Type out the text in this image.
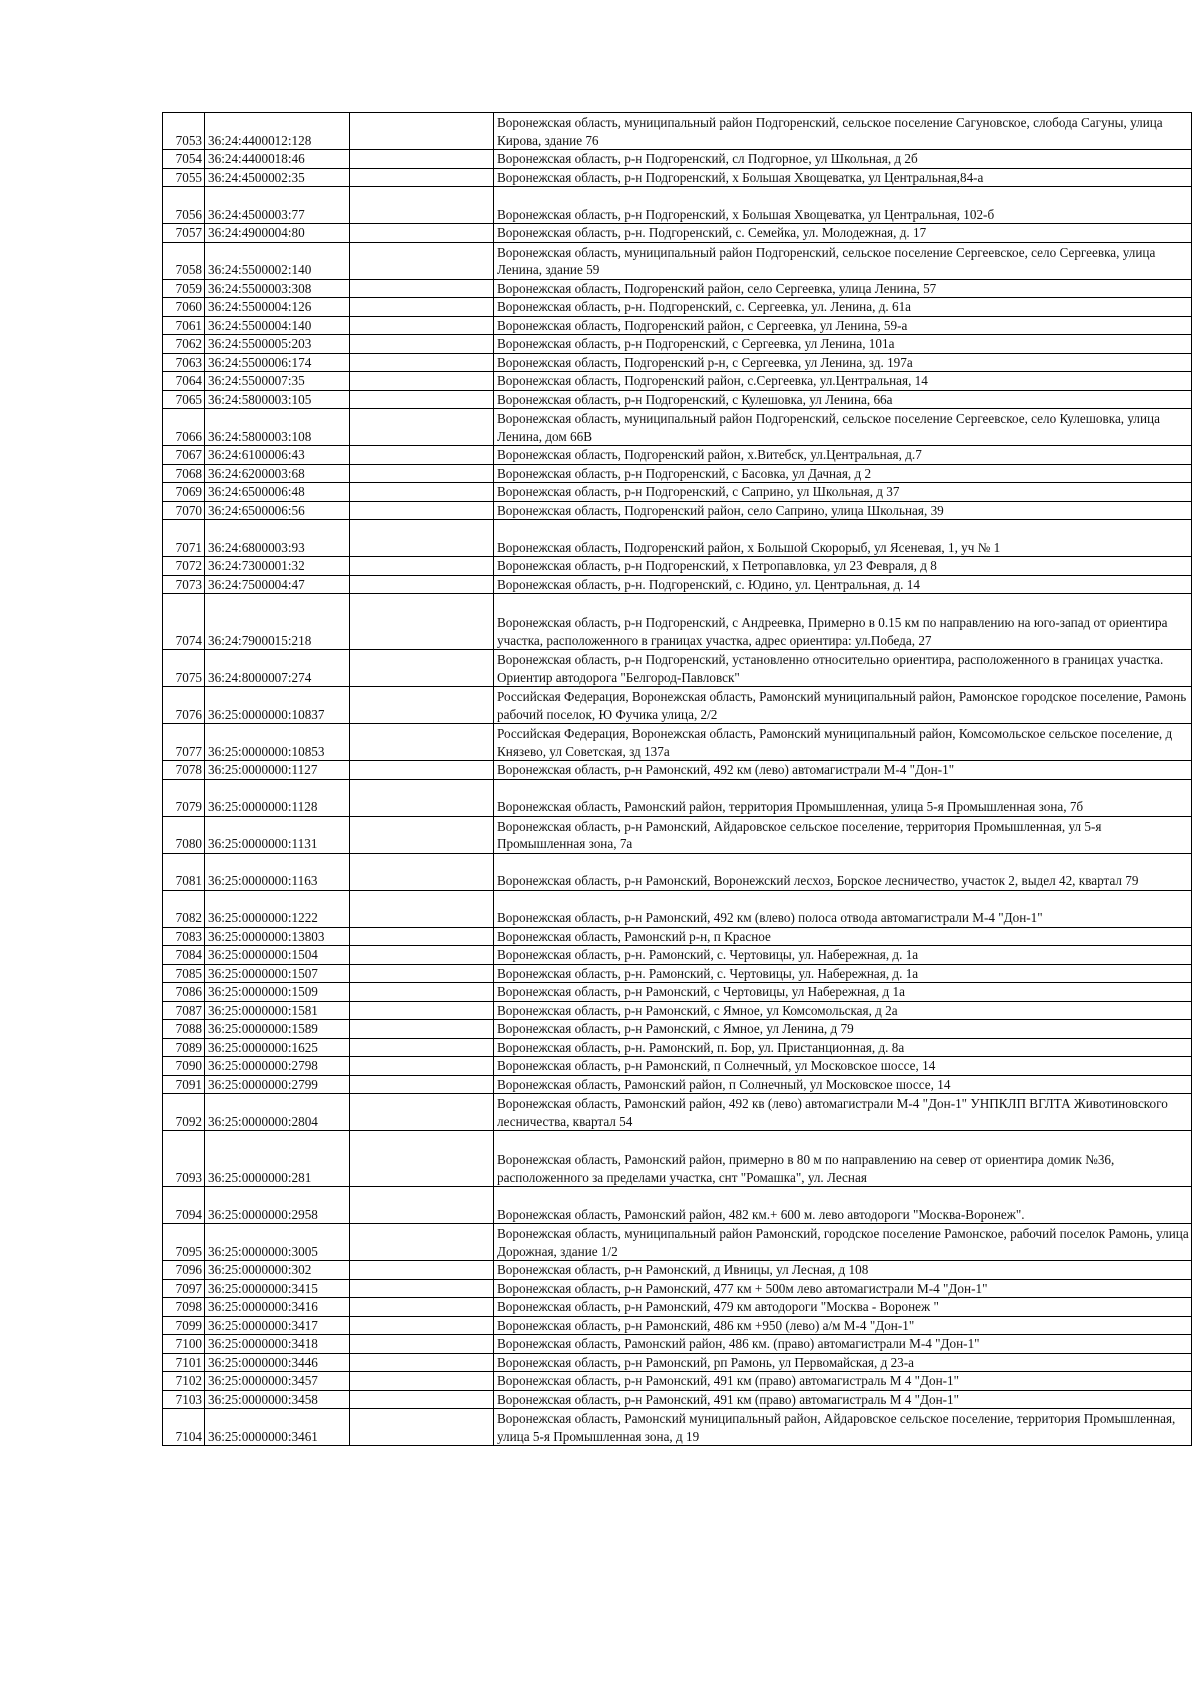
7053	36:24:4400012:128		Воронежская область, муниципальный район Подгоренский, сельское поселение Сагуновское, слобода Сагуны, улица Кирова, здание 76
7054	36:24:4400018:46		Воронежская область, р-н Подгоренский, сл Подгорное, ул Школьная, д 2б
7055	36:24:4500002:35		Воронежская область, р-н Подгоренский, х Большая Хвощеватка, ул Центральная,84-а
7056	36:24:4500003:77		Воронежская область, р-н Подгоренский, х Большая Хвощеватка, ул Центральная, 102-б
7057	36:24:4900004:80		Воронежская область, р-н. Подгоренский, с. Семейка, ул. Молодежная, д. 17
7058	36:24:5500002:140		Воронежская область, муниципальный район Подгоренский, сельское поселение Сергеевское, село Сергеевка, улица Ленина, здание 59
7059	36:24:5500003:308		Воронежская область, Подгоренский район, село Сергеевка, улица Ленина, 57
7060	36:24:5500004:126		Воронежская область, р-н. Подгоренский, с. Сергеевка, ул. Ленина, д. 61а
7061	36:24:5500004:140		Воронежская область, Подгоренский район, с Сергеевка, ул Ленина, 59-а
7062	36:24:5500005:203		Воронежская область, р-н Подгоренский, с Сергеевка, ул Ленина, 101а
7063	36:24:5500006:174		Воронежская область, Подгоренский р-н, с Сергеевка, ул Ленина, зд. 197а
7064	36:24:5500007:35		Воронежская область, Подгоренский район, с.Сергеевка, ул.Центральная, 14
7065	36:24:5800003:105		Воронежская область, р-н Подгоренский, с Кулешовка, ул Ленина, 66а
7066	36:24:5800003:108		Воронежская область, муниципальный район Подгоренский, сельское поселение Сергеевское, село Кулешовка, улица Ленина, дом 66В
7067	36:24:6100006:43		Воронежская область, Подгоренский район, х.Витебск, ул.Центральная, д.7
7068	36:24:6200003:68		Воронежская область, р-н Подгоренский, с Басовка, ул Дачная, д 2
7069	36:24:6500006:48		Воронежская область, р-н Подгоренский, с Саприно, ул Школьная, д 37
7070	36:24:6500006:56		Воронежская область, Подгоренский район, село Саприно, улица Школьная, 39
7071	36:24:6800003:93		Воронежская область, Подгоренский район, х Большой Скорорыб, ул Ясеневая, 1, уч № 1
7072	36:24:7300001:32		Воронежская область, р-н Подгоренский, х Петропавловка, ул 23 Февраля, д 8
7073	36:24:7500004:47		Воронежская область, р-н. Подгоренский, с. Юдино, ул. Центральная, д. 14
7074	36:24:7900015:218		Воронежская область, р-н Подгоренский, с Андреевка, Примерно в 0.15 км по направлению на юго-запад от ориентира участка, расположенного в границах участка, адрес ориентира: ул.Победа, 27
7075	36:24:8000007:274		Воронежская область, р-н Подгоренский, установленно относительно ориентира, расположенного в границах участка. Ориентир автодорога "Белгород-Павловск"
7076	36:25:0000000:10837		Российская Федерация, Воронежская область, Рамонский муниципальный район, Рамонское городское поселение, Рамонь рабочий поселок, Ю Фучика улица, 2/2
7077	36:25:0000000:10853		Российская Федерация, Воронежская область, Рамонский муниципальный район, Комсомольское сельское поселение, д Князево, ул Советская, зд 137а
7078	36:25:0000000:1127		Воронежская область, р-н Рамонский, 492 км (лево) автомагистрали М-4 "Дон-1"
7079	36:25:0000000:1128		Воронежская область, Рамонский район, территория Промышленная, улица 5-я Промышленная зона, 7б
7080	36:25:0000000:1131		Воронежская область, р-н Рамонский, Айдаровское сельское поселение, территория Промышленная, ул 5-я Промышленная зона, 7а
7081	36:25:0000000:1163		Воронежская область, р-н Рамонский, Воронежский лесхоз, Борское лесничество, участок 2, выдел 42, квартал 79
7082	36:25:0000000:1222		Воронежская область, р-н Рамонский, 492 км (влево) полоса отвода автомагистрали М-4 "Дон-1"
7083	36:25:0000000:13803		Воронежская область, Рамонский р-н, п Красное
7084	36:25:0000000:1504		Воронежская область, р-н. Рамонский, с. Чертовицы, ул. Набережная, д. 1а
7085	36:25:0000000:1507		Воронежская область, р-н. Рамонский, с. Чертовицы, ул. Набережная, д. 1а
7086	36:25:0000000:1509		Воронежская область, р-н Рамонский, с Чертовицы, ул Набережная, д 1а
7087	36:25:0000000:1581		Воронежская область, р-н Рамонский, с Ямное, ул Комсомольская, д 2а
7088	36:25:0000000:1589		Воронежская область, р-н Рамонский, с Ямное, ул Ленина, д 79
7089	36:25:0000000:1625		Воронежская область, р-н. Рамонский, п. Бор, ул. Пристанционная, д. 8а
7090	36:25:0000000:2798		Воронежская область, р-н Рамонский, п Солнечный, ул Московское шоссе, 14
7091	36:25:0000000:2799		Воронежская область, Рамонский район, п Солнечный, ул Московское шоссе, 14
7092	36:25:0000000:2804		Воронежская область, Рамонский район, 492 кв (лево) автомагистрали М-4 "Дон-1" УНПКЛП ВГЛТА Животиновского лесничества, квартал 54
7093	36:25:0000000:281		Воронежская область, Рамонский район, примерно в 80 м по направлению на север от ориентира домик №36, расположенного за пределами участка, снт "Ромашка", ул. Лесная
7094	36:25:0000000:2958		Воронежская область, Рамонский район, 482 км.+ 600 м. лево автодороги "Москва-Воронеж".
7095	36:25:0000000:3005		Воронежская область, муниципальный район Рамонский, городское поселение Рамонское, рабочий поселок Рамонь, улица Дорожная, здание 1/2
7096	36:25:0000000:302		Воронежская область, р-н Рамонский, д Ивницы, ул Лесная, д 108
7097	36:25:0000000:3415		Воронежская область, р-н Рамонский, 477 км + 500м лево автомагистрали М-4 "Дон-1"
7098	36:25:0000000:3416		Воронежская область, р-н Рамонский, 479 км автодороги "Москва - Воронеж "
7099	36:25:0000000:3417		Воронежская область, р-н Рамонский, 486 км +950 (лево) а/м М-4 "Дон-1"
7100	36:25:0000000:3418		Воронежская область, Рамонский район, 486 км. (право) автомагистрали М-4 "Дон-1"
7101	36:25:0000000:3446		Воронежская область, р-н Рамонский, рп Рамонь, ул Первомайская, д 23-а
7102	36:25:0000000:3457		Воронежская область, р-н Рамонский, 491 км (право) автомагистраль М 4 "Дон-1"
7103	36:25:0000000:3458		Воронежская область, р-н Рамонский, 491 км (право) автомагистраль М 4 "Дон-1"
7104	36:25:0000000:3461		Воронежская область, Рамонский муниципальный район, Айдаровское сельское поселение, территория Промышленная, улица 5-я Промышленная зона, д 19
